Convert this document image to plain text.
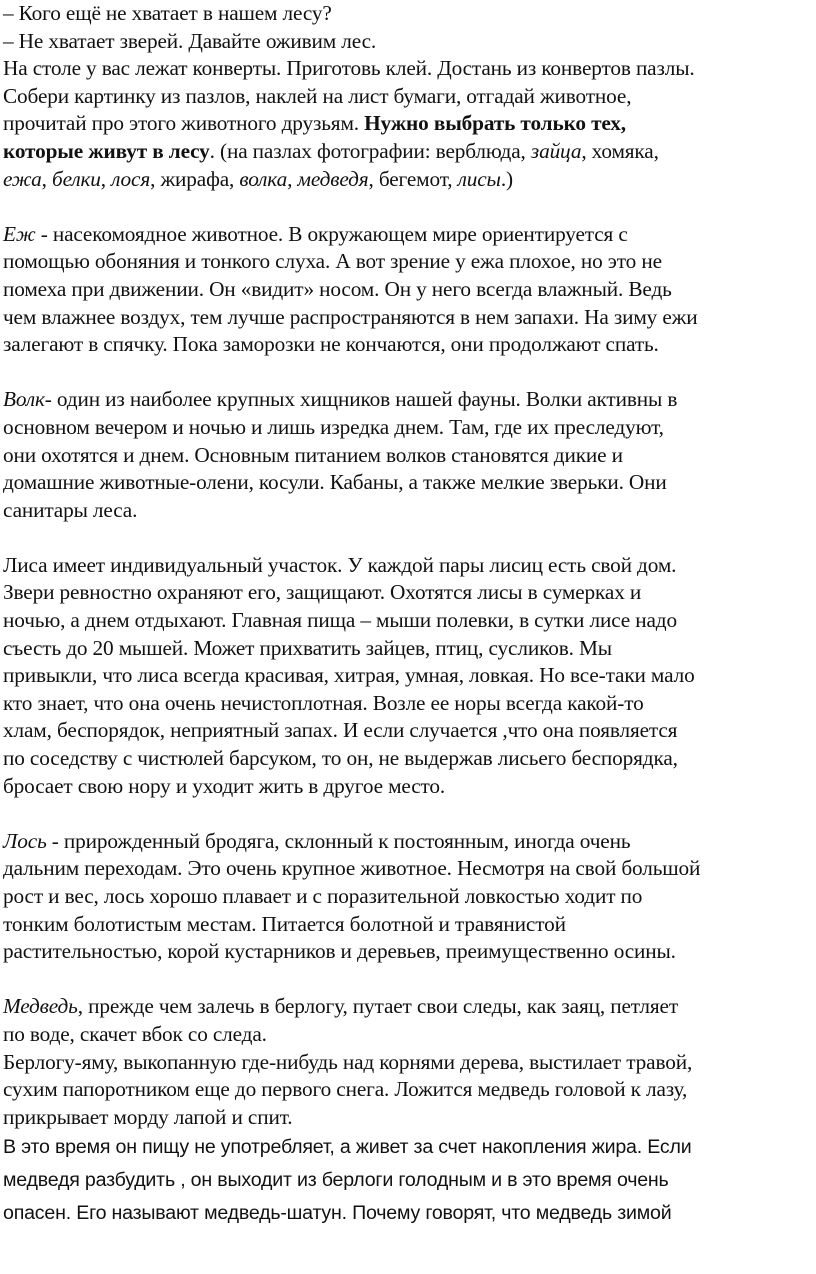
– Кого ещё не хватает в нашем лесу?

– Не хватает зверей. Давайте оживим лес.

На столе у вас лежат конверты. Приготовь клей. Достань из конвертов пазлы.

Собери картинку из пазлов, наклей на лист бумаги, отгадай животное,

прочитай про этого животного друзьям. Нужно выбрать только тех,

которые живут в лесу. (на пазлах фотографии: верблюда, зайца, хомяка,

ежа, белки, лося, жирафа, волка, медведя, бегемот, лисы.)

Еж - насекомоядное животное. В окружающем мире ориентируется с

помощью обоняния и тонкого слуха. А вот зрение у ежа плохое, но это не

помеха при движении. Он «видит» носом. Он у него всегда влажный. Ведь

чем влажнее воздух, тем лучше распространяются в нем запахи. На зиму ежи

залегают в спячку. Пока заморозки не кончаются, они продолжают спать.

Волк- один из наиболее крупных хищников нашей фауны. Волки активны в

основном вечером и ночью и лишь изредка днем. Там, где их преследуют,

они охотятся и днем. Основным питанием волков становятся дикие и

домашние животные-олени, косули. Кабаны, а также мелкие зверьки. Они

санитары леса.

Лиса имеет индивидуальный участок. У каждой пары лисиц есть свой дом.

Звери ревностно охраняют его, защищают. Охотятся лисы в сумерках и

ночью, а днем отдыхают. Главная пища – мыши полевки, в сутки лисе надо

съесть до 20 мышей. Может прихватить зайцев, птиц, сусликов. Мы

привыкли, что лиса всегда красивая, хитрая, умная, ловкая. Но все-таки мало

кто знает, что она очень нечистоплотная. Возле ее норы всегда какой-то

хлам, беспорядок, неприятный запах. И если случается ,что она появляется

по соседству с чистюлей барсуком, то он, не выдержав лисьего беспорядка,

бросает свою нору и уходит жить в другое место.

Лось - прирожденный бродяга, склонный к постоянным, иногда очень

дальним переходам. Это очень крупное животное. Несмотря на свой большой

рост и вес, лось хорошо плавает и с поразительной ловкостью ходит по

тонким болотистым местам. Питается болотной и травянистой

растительностью, корой кустарников и деревьев, преимущественно осины.

Медведь, прежде чем залечь в берлогу, путает свои следы, как заяц, петляет

по воде, скачет вбок со следа.

Берлогу-яму, выкопанную где-нибудь над корнями дерева, выстилает травой,

сухим папоротником еще до первого снега. Ложится медведь головой к лазу,

прикрывает морду лапой и спит.

В это время он пищу не употребляет, а живет за счет накопления жира. Если

медведя разбудить , он выходит из берлоги голодным и в это время очень

опасен. Его называют медведь-шатун. Почему говорят, что медведь зимой
